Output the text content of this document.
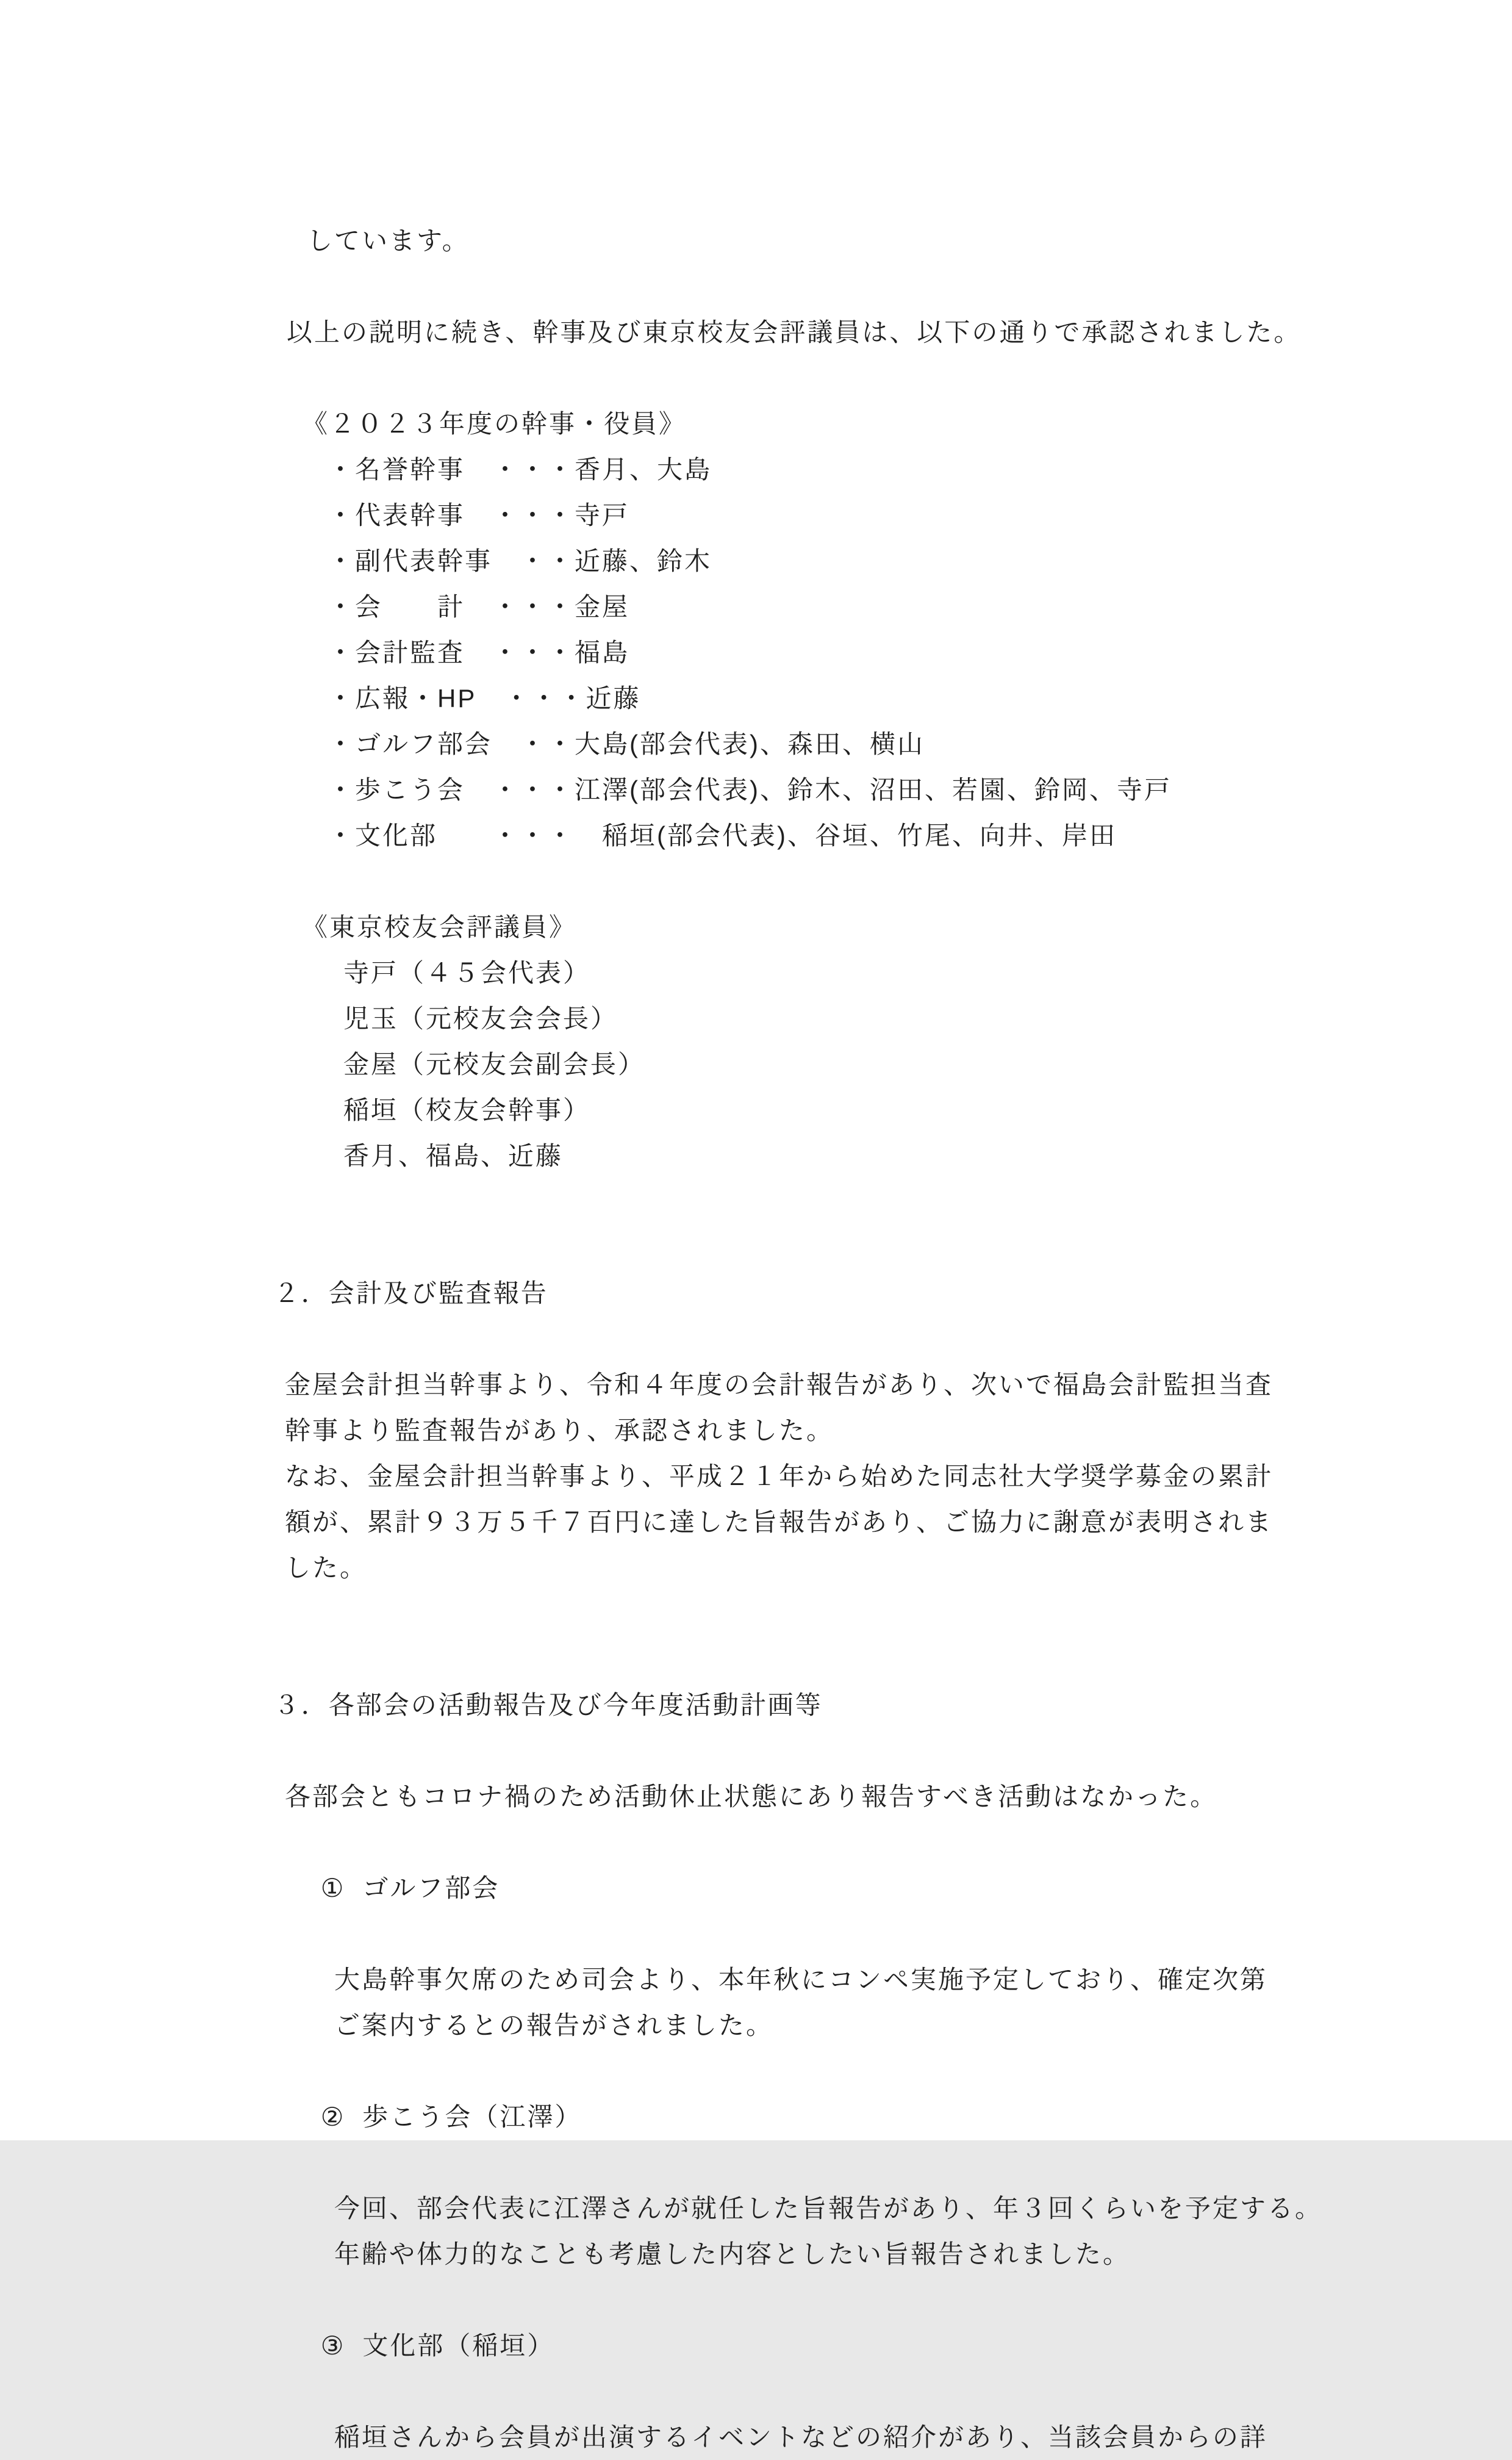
しています。
以上の説明に続き、幹事及び東京校友会評議員は、以下の通りで承認されました。
《２０２３年度の幹事・役員》
・名誉幹事　・・・香月、大島
・代表幹事　・・・寺戸
・副代表幹事　・・近藤、鈴木
・会　　計　・・・金屋
・会計監査　・・・福島
・広報・HP　・・・近藤
・ゴルフ部会　・・大島(部会代表)、森田、横山
・歩こう会　・・・江澤(部会代表)、鈴木、沼田、若園、鈴岡、寺戸
・文化部　　・・・　稲垣(部会代表)、谷垣、竹尾、向井、岸田
《東京校友会評議員》
寺戸（４５会代表）
児玉（元校友会会長）
金屋（元校友会副会長）
稲垣（校友会幹事）
香月、福島、近藤

２．会計及び監査報告

金屋会計担当幹事より、令和４年度の会計報告があり、次いで福島会計監担当査
幹事より監査報告があり、承認されました。
なお、金屋会計担当幹事より、平成２１年から始めた同志社大学奨学募金の累計
額が、累計９３万５千７百円に達した旨報告があり、ご協力に謝意が表明されま
した。

３．各部会の活動報告及び今年度活動計画等

各部会ともコロナ禍のため活動休止状態にあり報告すべき活動はなかった。

① ゴルフ部会

大島幹事欠席のため司会より、本年秋にコンペ実施予定しており、確定次第
ご案内するとの報告がされました。

② 歩こう会（江澤）

今回、部会代表に江澤さんが就任した旨報告があり、年３回くらいを予定する。
年齢や体力的なことも考慮した内容としたい旨報告されました。

③ 文化部（稲垣）

稲垣さんから会員が出演するイベントなどの紹介があり、当該会員からの詳
